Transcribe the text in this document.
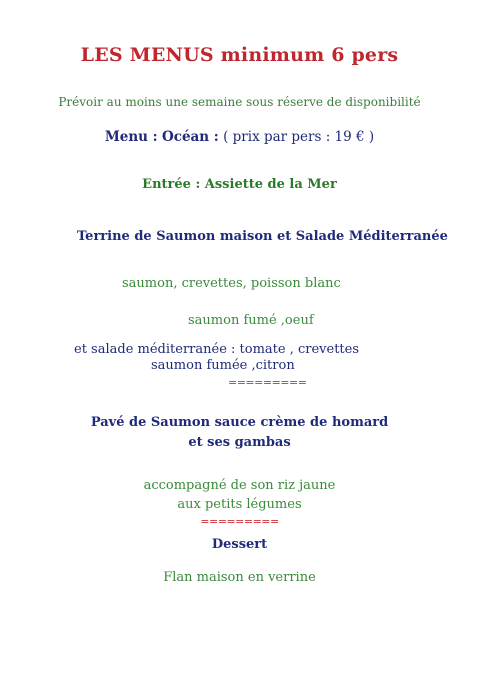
LES MENUS minimum 6 pers
Prévoir au moins une semaine sous réserve de disponibilité
Menu : Océan : ( prix par pers : 19 € )
Entrée : Assiette de la Mer
Terrine de Saumon maison et Salade Méditerranée
saumon, crevettes, poisson blanc
saumon fumé ,oeuf
et salade méditerranée : tomate , crevettes
saumon fumée ,citron
=========
Pavé de Saumon sauce crème de homard
et ses gambas
accompagné de son riz jaune
aux petits légumes
=========
Dessert
Flan maison en verrine
